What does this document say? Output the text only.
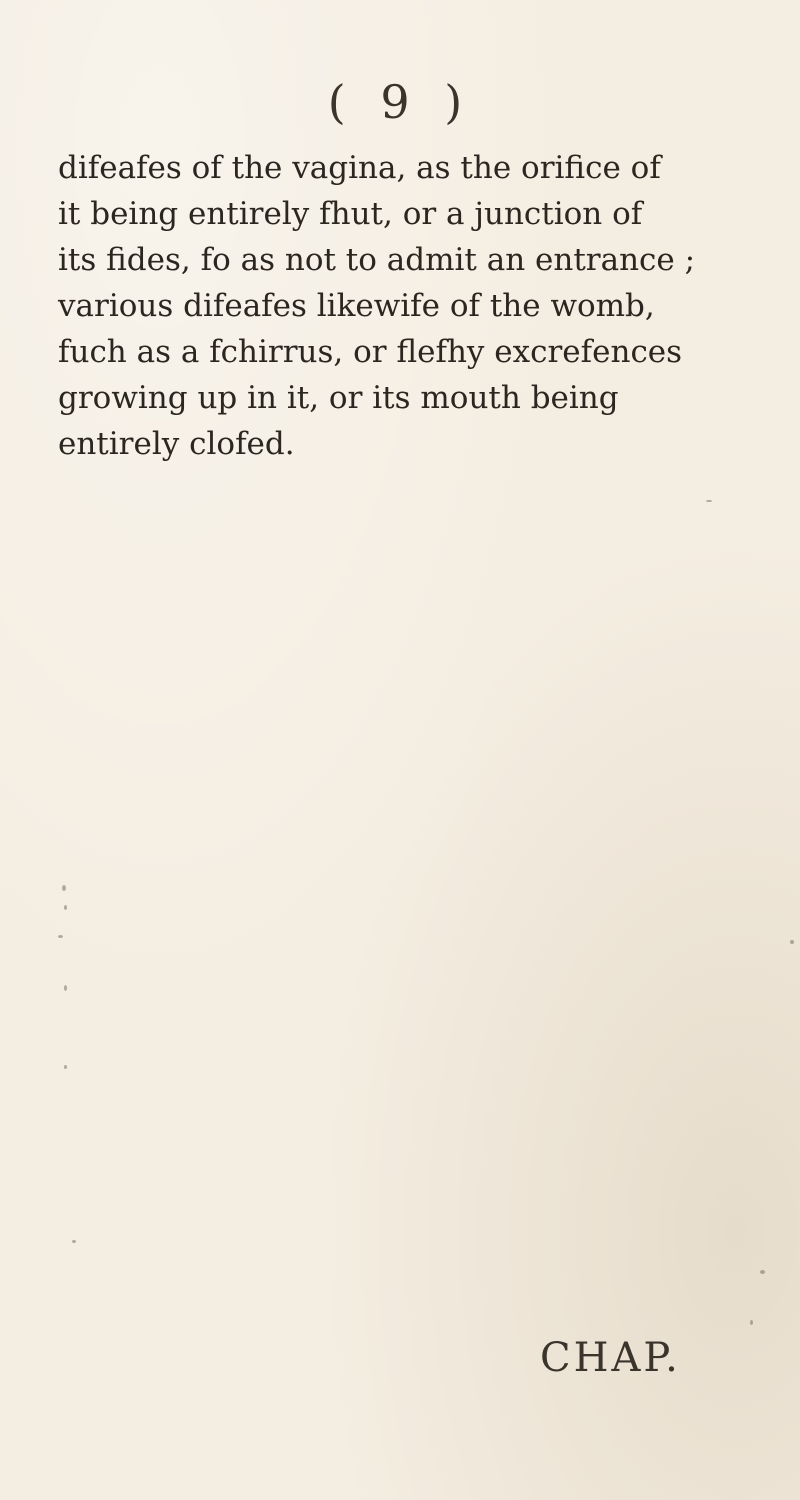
( 9 )

difeafes of the vagina, as the orifice of
it being entirely fhut, or a junction of
its fides, fo as not to admit an entrance ;
various difeafes likewife of the womb,
fuch as a fchirrus, or flefhy excrefences
growing up in it, or its mouth being
entirely clofed.

CHAP.
